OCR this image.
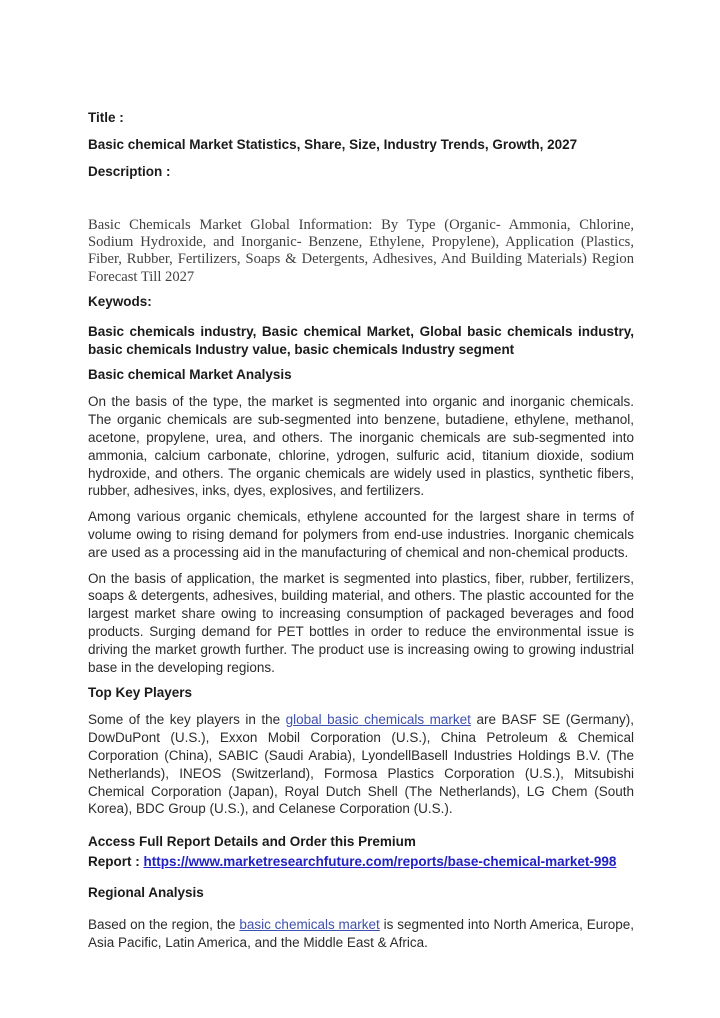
Title :

Basic chemical Market Statistics, Share, Size, Industry Trends, Growth, 2027

Description :

Basic Chemicals Market Global Information: By Type (Organic- Ammonia, Chlorine, Sodium Hydroxide, and Inorganic- Benzene, Ethylene, Propylene), Application (Plastics, Fiber, Rubber, Fertilizers, Soaps & Detergents, Adhesives, And Building Materials) Region Forecast Till 2027

Keywods:

Basic chemicals industry, Basic chemical Market, Global basic chemicals industry, basic chemicals Industry value, basic chemicals Industry segment

Basic chemical Market Analysis

On the basis of the type, the market is segmented into organic and inorganic chemicals. The organic chemicals are sub-segmented into benzene, butadiene, ethylene, methanol, acetone, propylene, urea, and others. The inorganic chemicals are sub-segmented into ammonia, calcium carbonate, chlorine, ydrogen, sulfuric acid, titanium dioxide, sodium hydroxide, and others. The organic chemicals are widely used in plastics, synthetic fibers, rubber, adhesives, inks, dyes, explosives, and fertilizers.

Among various organic chemicals, ethylene accounted for the largest share in terms of volume owing to rising demand for polymers from end-use industries. Inorganic chemicals are used as a processing aid in the manufacturing of chemical and non-chemical products.

On the basis of application, the market is segmented into plastics, fiber, rubber, fertilizers, soaps & detergents, adhesives, building material, and others. The plastic accounted for the largest market share owing to increasing consumption of packaged beverages and food products. Surging demand for PET bottles in order to reduce the environmental issue is driving the market growth further. The product use is increasing owing to growing industrial base in the developing regions.

Top Key Players

Some of the key players in the global basic chemicals market are BASF SE (Germany), DowDuPont (U.S.), Exxon Mobil Corporation (U.S.), China Petroleum & Chemical Corporation (China), SABIC (Saudi Arabia), LyondellBasell Industries Holdings B.V. (The Netherlands), INEOS (Switzerland), Formosa Plastics Corporation (U.S.), Mitsubishi Chemical Corporation (Japan), Royal Dutch Shell (The Netherlands), LG Chem (South Korea), BDC Group (U.S.), and Celanese Corporation (U.S.).

Access Full Report Details and Order this Premium
Report : https://www.marketresearchfuture.com/reports/base-chemical-market-998

Regional Analysis

Based on the region, the basic chemicals market is segmented into North America, Europe, Asia Pacific, Latin America, and the Middle East & Africa.
